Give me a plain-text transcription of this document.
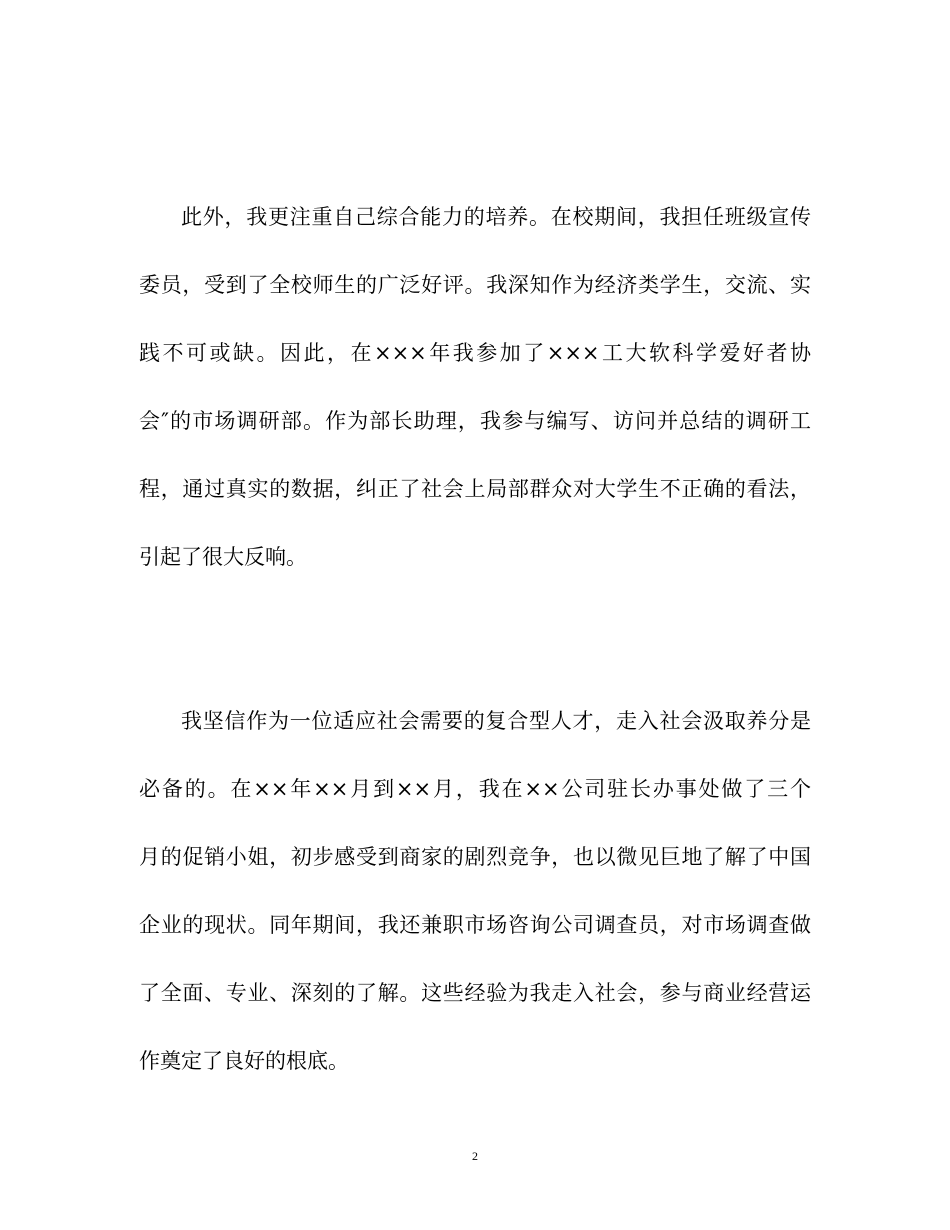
此外，我更注重自己综合能力的培养。在校期间，我担任班级宣传
委员，受到了全校师生的广泛好评。我深知作为经济类学生，交流、实
践不可或缺。因此，在×××年我参加了×××工大软科学爱好者协
会″的市场调研部。作为部长助理，我参与编写、访问并总结的调研工
程，通过真实的数据，纠正了社会上局部群众对大学生不正确的看法，
引起了很大反响。
我坚信作为一位适应社会需要的复合型人才，走入社会汲取养分是
必备的。在××年××月到××月，我在××公司驻长办事处做了三个
月的促销小姐，初步感受到商家的剧烈竞争，也以微见巨地了解了中国
企业的现状。同年期间，我还兼职市场咨询公司调查员，对市场调查做
了全面、专业、深刻的了解。这些经验为我走入社会，参与商业经营运
作奠定了良好的根底。
2
